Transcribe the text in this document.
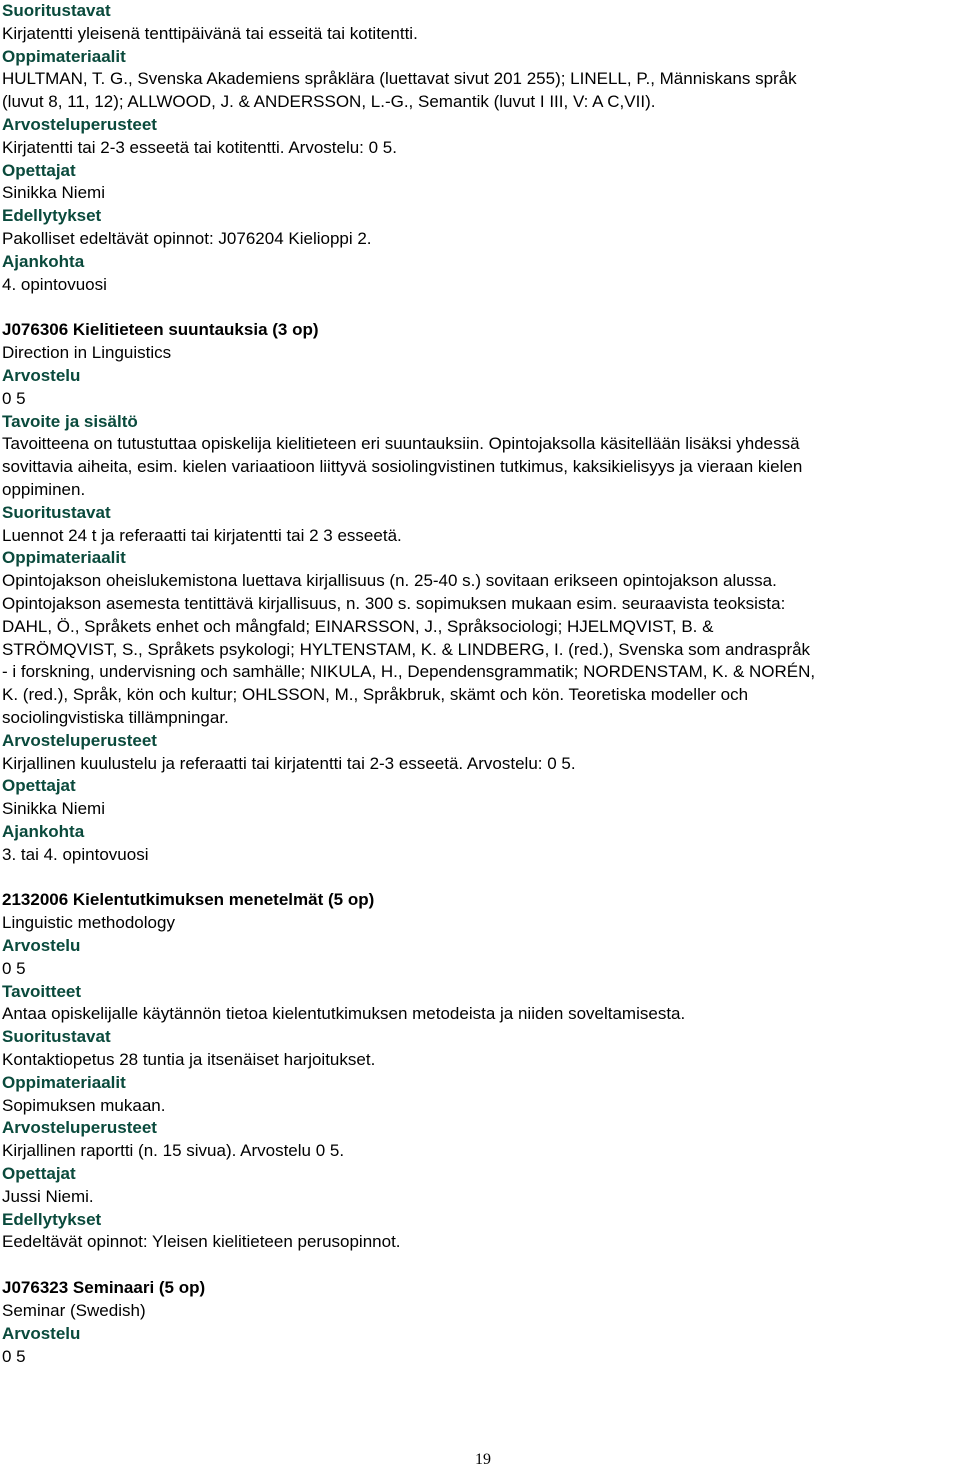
Suoritustavat
Kirjatentti yleisenä tenttipäivänä tai esseitä tai kotitentti.
Oppimateriaalit
HULTMAN, T. G., Svenska Akademiens språklära (luettavat sivut 201 255); LINELL, P., Människans språk
(luvut 8, 11, 12); ALLWOOD, J. & ANDERSSON, L.-G., Semantik (luvut I III, V: A C,VII).
Arvosteluperusteet
Kirjatentti tai 2-3 esseetä tai kotitentti. Arvostelu: 0 5.
Opettajat
Sinikka Niemi
Edellytykset
Pakolliset edeltävät opinnot: J076204 Kielioppi 2.
Ajankohta
4. opintovuosi
J076306 Kielitieteen suuntauksia (3 op)
Direction in Linguistics
Arvostelu
0 5
Tavoite ja sisältö
Tavoitteena on tutustuttaa opiskelija kielitieteen eri suuntauksiin. Opintojaksolla käsitellään lisäksi yhdessä
sovittavia aiheita, esim. kielen variaatioon liittyvä sosiolingvistinen tutkimus, kaksikielisyys ja vieraan kielen
oppiminen.
Suoritustavat
Luennot 24 t ja referaatti tai kirjatentti tai 2 3 esseetä.
Oppimateriaalit
Opintojakson oheislukemistona luettava kirjallisuus (n. 25-40 s.) sovitaan erikseen opintojakson alussa.
Opintojakson asemesta tentittävä kirjallisuus, n. 300 s. sopimuksen mukaan esim. seuraavista teoksista:
DAHL, Ö., Språkets enhet och mångfald; EINARSSON, J., Språksociologi; HJELMQVIST, B. &
STRÖMQVIST, S., Språkets psykologi; HYLTENSTAM, K. & LINDBERG, I. (red.), Svenska som andraspråk
- i forskning, undervisning och samhälle; NIKULA, H., Dependensgrammatik; NORDENSTAM, K. & NORÉN,
K. (red.), Språk, kön och kultur; OHLSSON, M., Språkbruk, skämt och kön. Teoretiska modeller och
sociolingvistiska tillämpningar.
Arvosteluperusteet
Kirjallinen kuulustelu ja referaatti tai kirjatentti tai 2-3 esseetä. Arvostelu: 0 5.
Opettajat
Sinikka Niemi
Ajankohta
3. tai 4. opintovuosi
2132006 Kielentutkimuksen menetelmät (5 op)
Linguistic methodology
Arvostelu
0 5
Tavoitteet
Antaa opiskelijalle käytännön tietoa kielentutkimuksen metodeista ja niiden soveltamisesta.
Suoritustavat
Kontaktiopetus 28 tuntia ja itsenäiset harjoitukset.
Oppimateriaalit
Sopimuksen mukaan.
Arvosteluperusteet
Kirjallinen raportti (n. 15 sivua). Arvostelu 0 5.
Opettajat
Jussi Niemi.
Edellytykset
Eedeltävät opinnot: Yleisen kielitieteen perusopinnot.
J076323 Seminaari (5 op)
Seminar (Swedish)
Arvostelu
0 5
19
